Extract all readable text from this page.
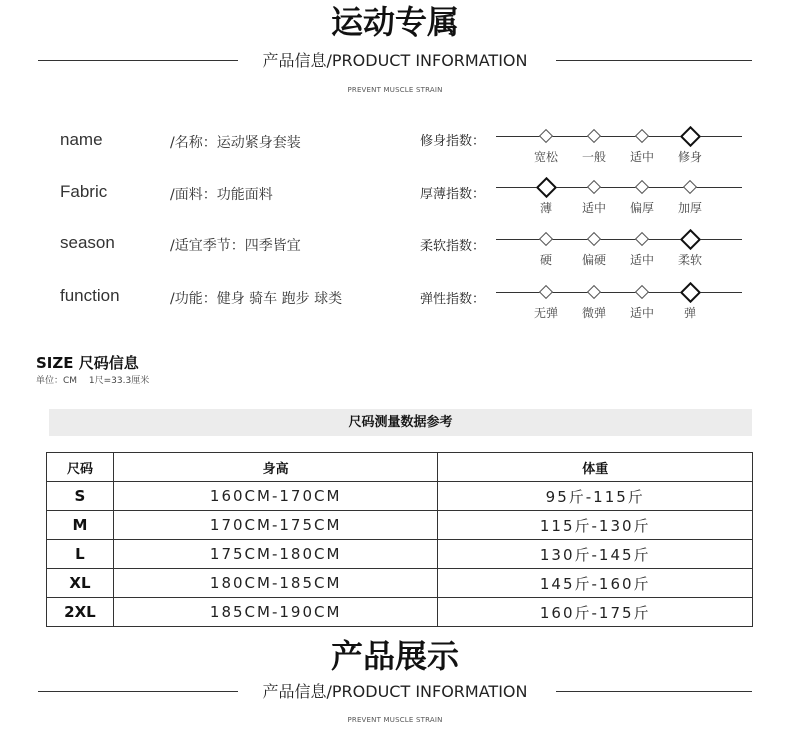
运动专属
产品信息/PRODUCT INFORMATION
PREVENT MUSCLE STRAIN
name	/名称：运动紧身套装
Fabric	/面料：功能面料
season	/适宜季节：四季皆宜
function	/功能：健身 骑车 跑步 球类
修身指数：
宽松	一般	适中	修身
厚薄指数：
薄	适中	偏厚	加厚
柔软指数：
硬	偏硬	适中	柔软
弹性指数：
无弹	微弹	适中	弹
SIZE 尺码信息
单位：CM　 1尺=33.3厘米
尺码测量数据参考
尺码	身高	体重
S	160CM-170CM	95斤-115斤
M	170CM-175CM	115斤-130斤
L	175CM-180CM	130斤-145斤
XL	180CM-185CM	145斤-160斤
2XL	185CM-190CM	160斤-175斤
产品展示
产品信息/PRODUCT INFORMATION
PREVENT MUSCLE STRAIN
